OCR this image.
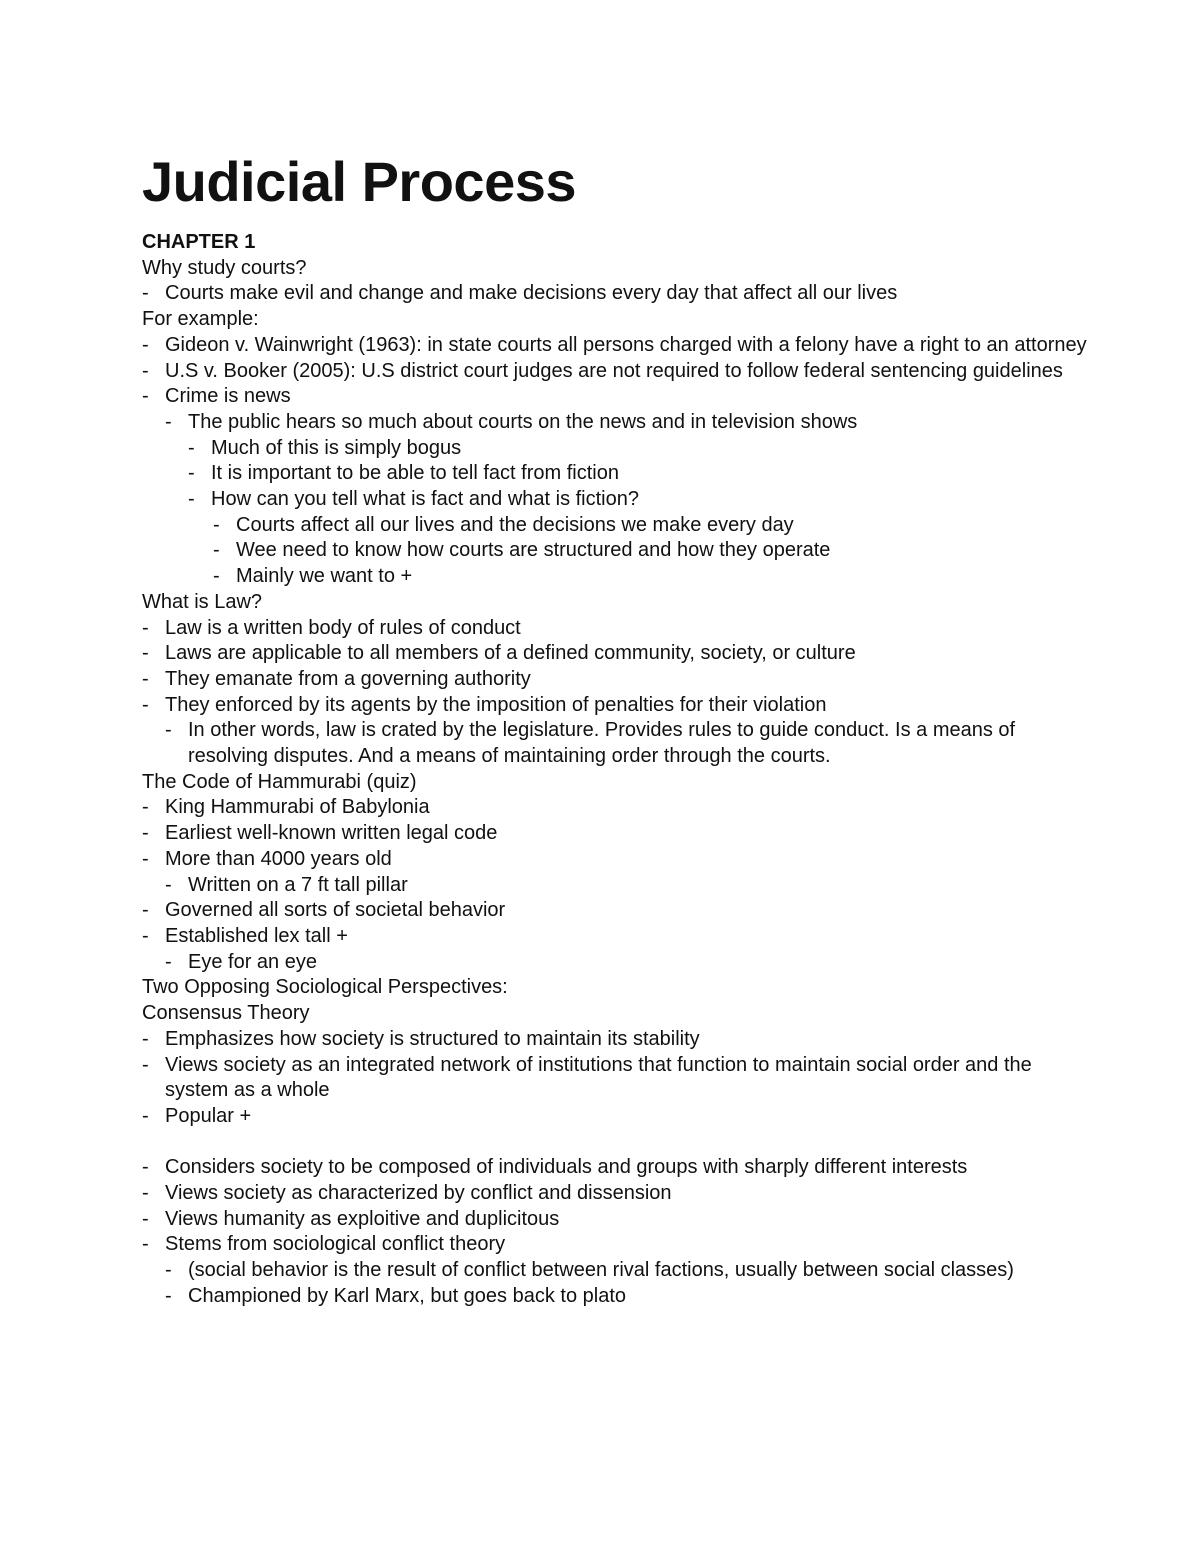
Judicial Process
CHAPTER 1
Why study courts?
- Courts make evil and change and make decisions every day that affect all our lives
For example:
- Gideon v. Wainwright (1963): in state courts all persons charged with a felony have a right to an attorney
- U.S v. Booker (2005): U.S district court judges are not required to follow federal sentencing guidelines
- Crime is news
- The public hears so much about courts on the news and in television shows
- Much of this is simply bogus
- It is important to be able to tell fact from fiction
- How can you tell what is fact and what is fiction?
- Courts affect all our lives and the decisions we make every day
- Wee need to know how courts are structured and how they operate
- Mainly we want to +
What is Law?
- Law is a written body of rules of conduct
- Laws are applicable to all members of a defined community, society, or culture
- They emanate from a governing authority
- They enforced by its agents by the imposition of penalties for their violation
- In other words, law is crated by the legislature. Provides rules to guide conduct. Is a means of resolving disputes. And a means of maintaining order through the courts.
The Code of Hammurabi (quiz)
- King Hammurabi of Babylonia
- Earliest well-known written legal code
- More than 4000 years old
- Written on a 7 ft tall pillar
- Governed all sorts of societal behavior
- Established lex tall +
- Eye for an eye
Two Opposing Sociological Perspectives:
Consensus Theory
- Emphasizes how society is structured to maintain its stability
- Views society as an integrated network of institutions that function to maintain social order and the system as a whole
- Popular +
- Considers society to be composed of individuals and groups with sharply different interests
- Views society as characterized by conflict and dissension
- Views humanity as exploitive and duplicitous
- Stems from sociological conflict theory
- (social behavior is the result of conflict between rival factions, usually between social classes)
- Championed by Karl Marx, but goes back to plato
